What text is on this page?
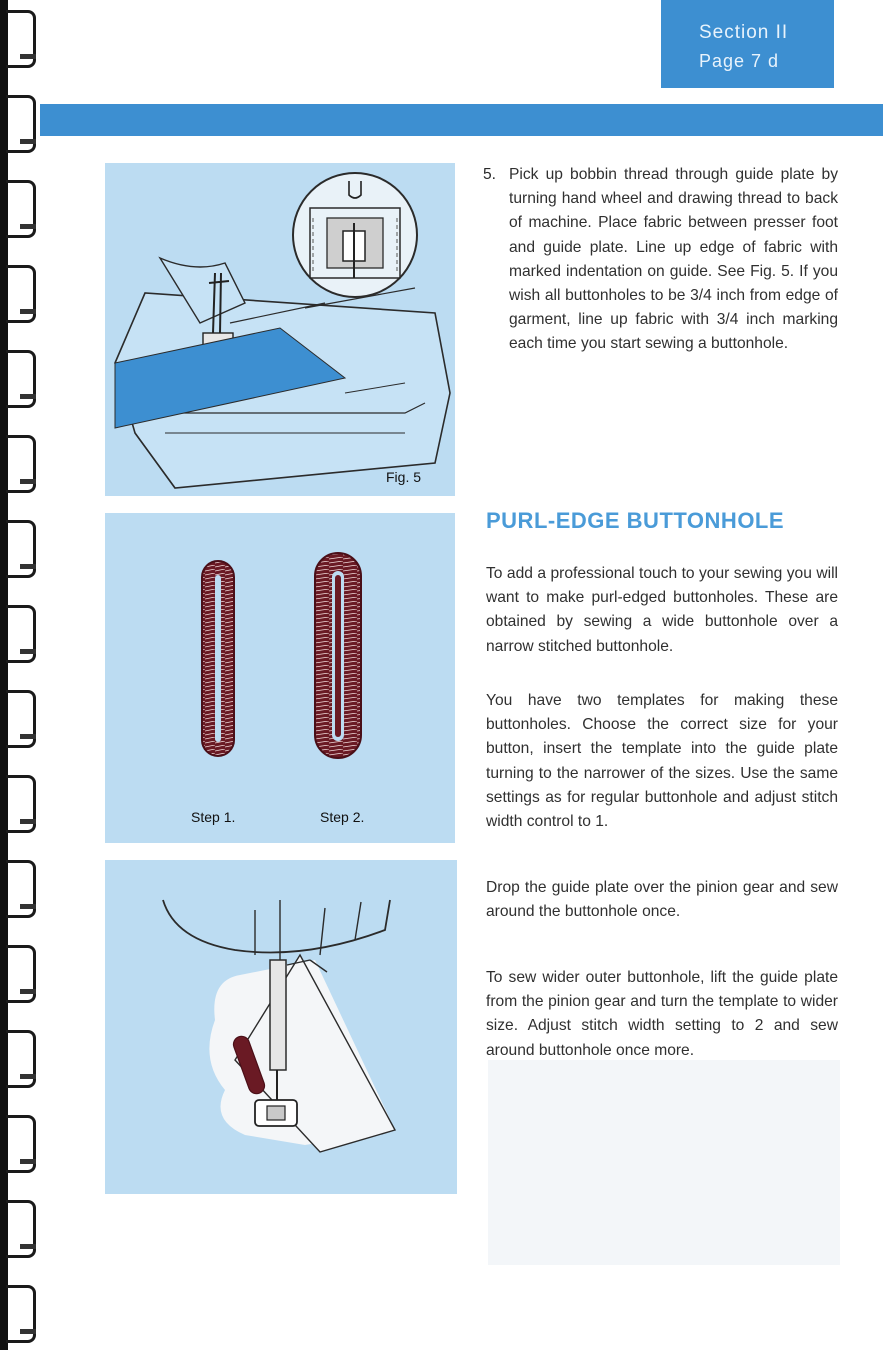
Section II
Page 7 d
Fig. 5
Step 1.	Step 2.
5. Pick up bobbin thread through guide plate by turning hand wheel and drawing thread to back of machine. Place fabric between presser foot and guide plate. Line up edge of fabric with marked indentation on guide. See Fig. 5. If you wish all buttonholes to be 3/4 inch from edge of garment, line up fabric with 3/4 inch marking each time you start sewing a buttonhole.

PURL-EDGE BUTTONHOLE

To add a professional touch to your sewing you will want to make purl-edged buttonholes. These are obtained by sewing a wide buttonhole over a narrow stitched buttonhole.

You have two templates for making these buttonholes. Choose the correct size for your button, insert the template into the guide plate turning to the narrower of the sizes. Use the same settings as for regular buttonhole and adjust stitch width control to 1.

Drop the guide plate over the pinion gear and sew around the buttonhole once.

To sew wider outer buttonhole, lift the guide plate from the pinion gear and turn the template to wider size. Adjust stitch width setting to 2 and sew around buttonhole once more.
